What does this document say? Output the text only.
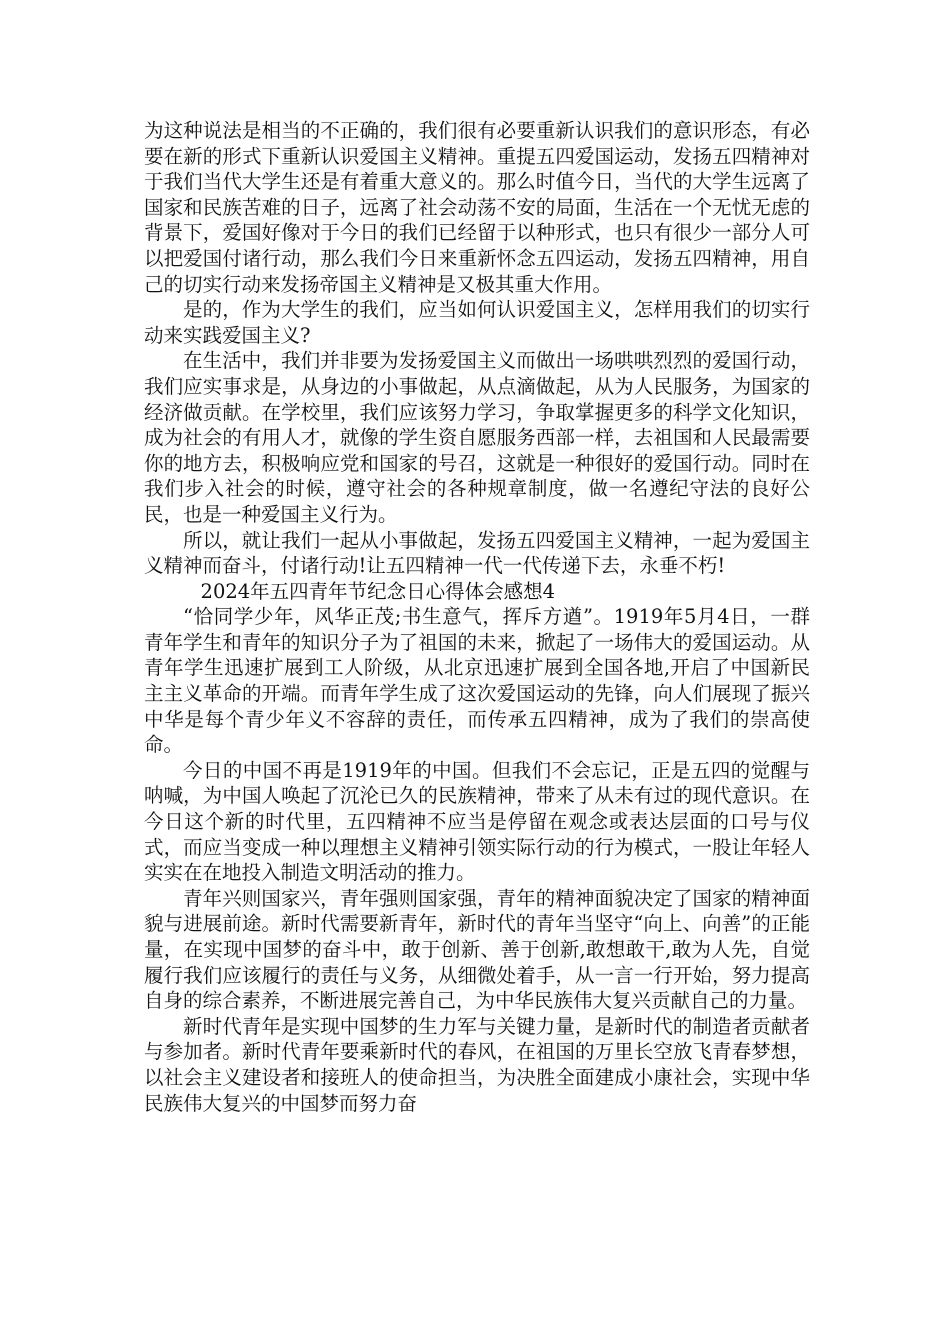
为这种说法是相当的不正确的，我们很有必要重新认识我们的意识形态，有必要在新的形式下重新认识爱国主义精神。重提五四爱国运动，发扬五四精神对于我们当代大学生还是有着重大意义的。那么时值今日，当代的大学生远离了国家和民族苦难的日子，远离了社会动荡不安的局面，生活在一个无忧无虑的背景下，爱国好像对于今日的我们已经留于以种形式，也只有很少一部分人可以把爱国付诸行动，那么我们今日来重新怀念五四运动，发扬五四精神，用自己的切实行动来发扬帝国主义精神是又极其重大作用。

是的，作为大学生的我们，应当如何认识爱国主义，怎样用我们的切实行动来实践爱国主义?

在生活中，我们并非要为发扬爱国主义而做出一场哄哄烈烈的爱国行动，我们应实事求是，从身边的小事做起，从点滴做起，从为人民服务，为国家的经济做贡献。在学校里，我们应该努力学习，争取掌握更多的科学文化知识，成为社会的有用人才，就像的学生资自愿服务西部一样，去祖国和人民最需要你的地方去，积极响应党和国家的号召，这就是一种很好的爱国行动。同时在我们步入社会的时候，遵守社会的各种规章制度，做一名遵纪守法的良好公民，也是一种爱国主义行为。

所以，就让我们一起从小事做起，发扬五四爱国主义精神，一起为爱国主义精神而奋斗，付诸行动!让五四精神一代一代传递下去，永垂不朽!

2024年五四青年节纪念日心得体会感想4

“恰同学少年，风华正茂;书生意气，挥斥方遒”。1919年5月4日，一群青年学生和青年的知识分子为了祖国的未来，掀起了一场伟大的爱国运动。从青年学生迅速扩展到工人阶级，从北京迅速扩展到全国各地,开启了中国新民主主义革命的开端。而青年学生成了这次爱国运动的先锋，向人们展现了振兴中华是每个青少年义不容辞的责任，而传承五四精神，成为了我们的崇高使命。

今日的中国不再是1919年的中国。但我们不会忘记，正是五四的觉醒与呐喊，为中国人唤起了沉沦已久的民族精神，带来了从未有过的现代意识。在今日这个新的时代里，五四精神不应当是停留在观念或表达层面的口号与仪式，而应当变成一种以理想主义精神引领实际行动的行为模式，一股让年轻人实实在在地投入制造文明活动的推力。

青年兴则国家兴，青年强则国家强，青年的精神面貌决定了国家的精神面貌与进展前途。新时代需要新青年，新时代的青年当坚守“向上、向善”的正能量，在实现中国梦的奋斗中，敢于创新、善于创新,敢想敢干,敢为人先，自觉履行我们应该履行的责任与义务，从细微处着手，从一言一行开始，努力提高自身的综合素养，不断进展完善自己，为中华民族伟大复兴贡献自己的力量。

新时代青年是实现中国梦的生力军与关键力量，是新时代的制造者贡献者与参加者。新时代青年要乘新时代的春风，在祖国的万里长空放飞青春梦想，以社会主义建设者和接班人的使命担当，为决胜全面建成小康社会，实现中华民族伟大复兴的中国梦而努力奋
